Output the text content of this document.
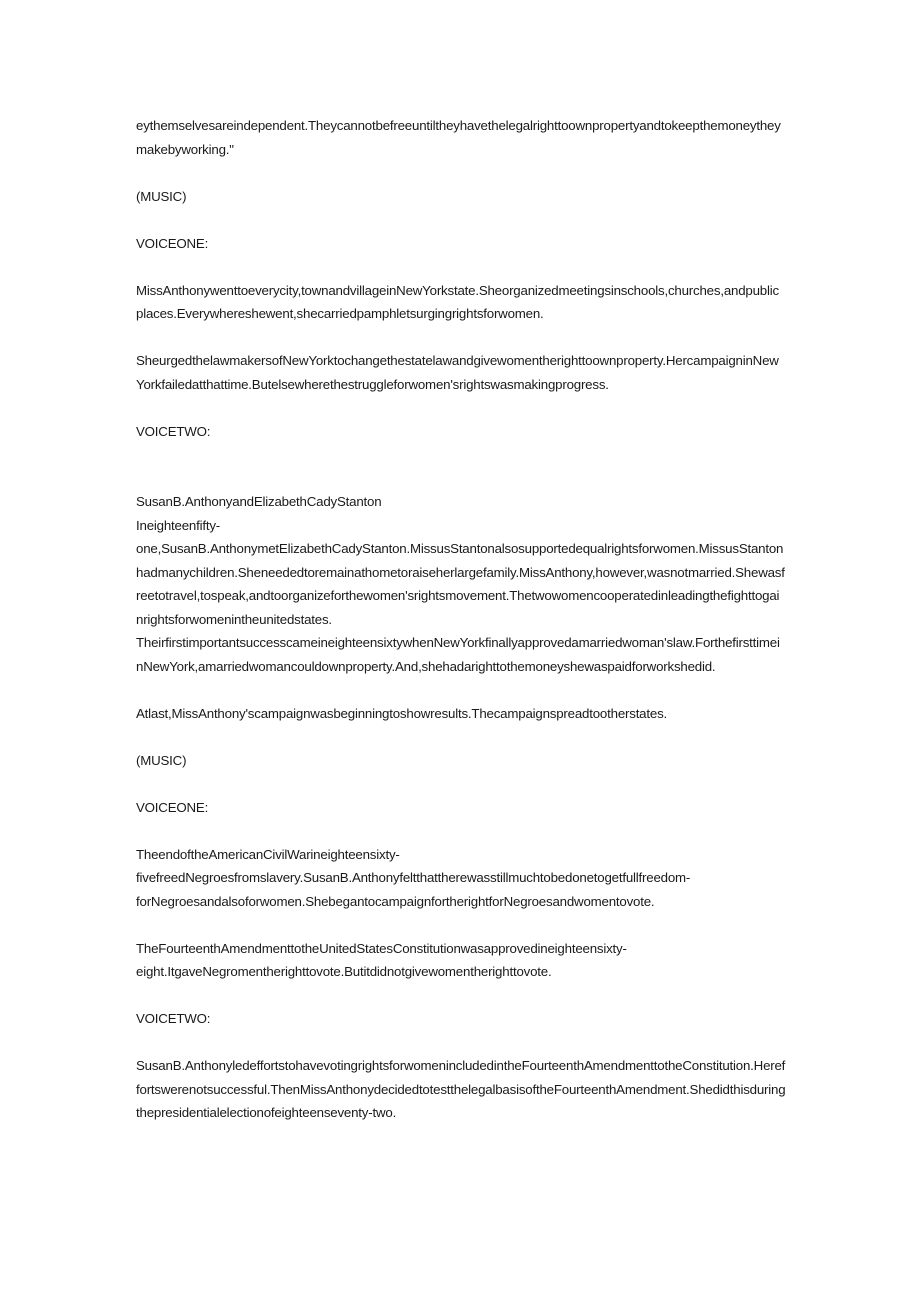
eythemselvesareindependent.Theycannotbefreeuntiltheyhavethelegalrighttoownpropertyandtokeepthemoneytheymakebyworking."

(MUSIC)

VOICEONE:

MissAnthonywenttoeverycity,townandvillageinNewYorkstate.Sheorganizedmeetingsinschools,churches,andpublicplaces.Everywhereshewent,shecarriedpamphletsurgingrightsforwomen.

SheurgedthelawmakersofNewYorktochangethestatelawandgivewomentherighttoownproperty.HercampaigninNewYorkfailedatthattime.Butelsewherethestruggleforwomen'srightswasmakingprogress.

VOICETWO:

SusanB.AnthonyandElizabethCadyStanton
Ineighteenfifty-
one,SusanB.AnthonymetElizabethCadyStanton.MissusStantonalsosupportedequalrightsforwomen.MissusStantonhadmanychildren.Sheneededtoremainathometoraiseherlargefamily.MissAnthony,however,wasnotmarried.Shewasfreetotravel,tospeak,andtoorganizeforthewomen'srightsmovement.Thetwowomencooperatedinleadingthefighttogainrightsforwomenintheunitedstates.
TheirfirstimportantsuccesscameineighteensixtywhenNewYorkfinallyapprovedamarriedwoman'slaw.ForthefirsttimeinNewYork,amarriedwomancouldownproperty.And,shehadarighttothemoneyshewaspaidforworkshedid.

Atlast,MissAnthony'scampaignwasbeginningtoshowresults.Thecampaignspreadtootherstates.

(MUSIC)

VOICEONE:

TheendoftheAmericanCivilWarineighteensixty-
fivefreedNegroesfromslavery.SusanB.Anthonyfeltthattherewasstillmuchtobedonetogetfullfreedom-
forNegroesandalsoforwomen.ShebegantocampaignfortherightforNegroesandwomentovote.

TheFourteenthAmendmenttotheUnitedStatesConstitutionwasapprovedineighteensixty-
eight.ItgaveNegromentherighttovote.Butitdidnotgivewomentherighttovote.

VOICETWO:

SusanB.AnthonyledeffortstohavevotingrightsforwomenincludedintheFourteenthAmendmenttotheConstitution.Hereffortswerenotsuccessful.ThenMissAnthonydecidedtotestthelegalbasisoftheFourteenthAmendment.Shedidthisduringthepresidentialelectionofeighteenseventy-two.
